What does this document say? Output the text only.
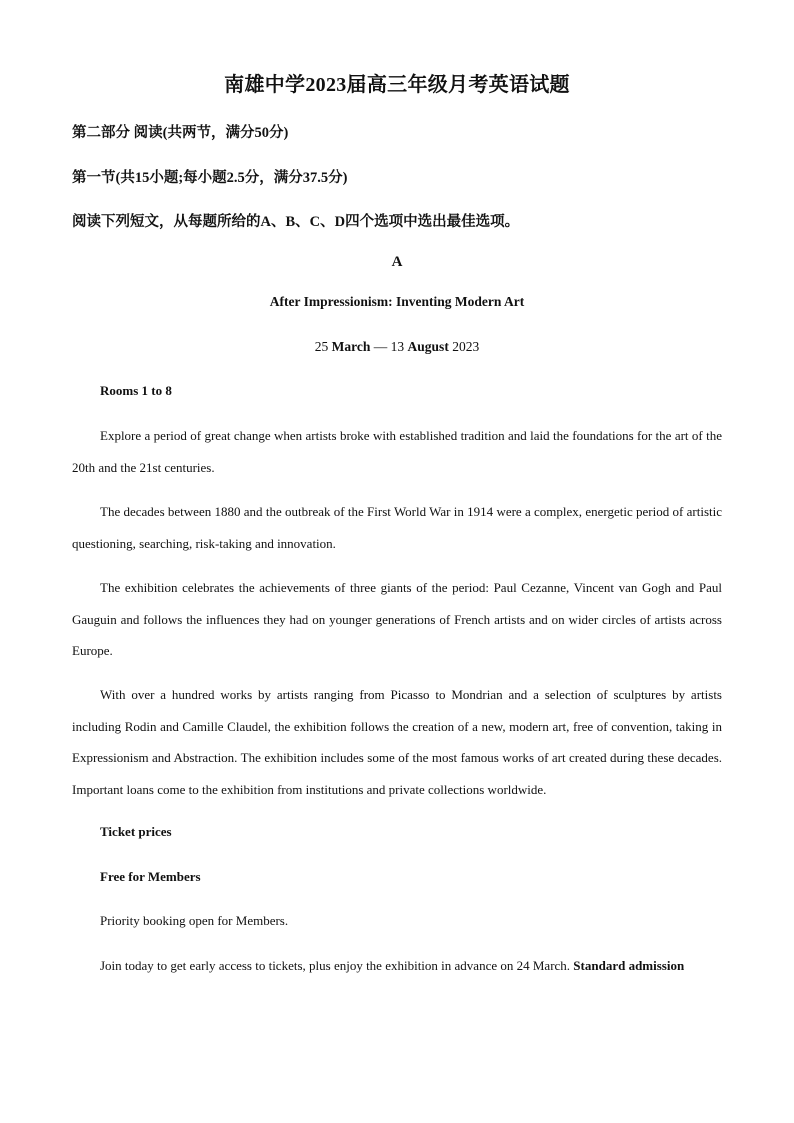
南雄中学2023届高三年级月考英语试题
第二部分 阅读(共两节，满分50分)
第一节(共15小题;每小题2.5分，满分37.5分)
阅读下列短文，从每题所给的A、B、C、D四个选项中选出最佳选项。
A
After Impressionism: Inventing Modern Art
25 March — 13 August 2023
Rooms 1 to 8
Explore a period of great change when artists broke with established tradition and laid the foundations for the art of the 20th and the 21st centuries.
The decades between 1880 and the outbreak of the First World War in 1914 were a complex, energetic period of artistic questioning, searching, risk-taking and innovation.
The exhibition celebrates the achievements of three giants of the period: Paul Cezanne, Vincent van Gogh and Paul Gauguin and follows the influences they had on younger generations of French artists and on wider circles of artists across Europe.
With over a hundred works by artists ranging from Picasso to Mondrian and a selection of sculptures by artists including Rodin and Camille Claudel, the exhibition follows the creation of a new, modern art, free of convention, taking in Expressionism and Abstraction. The exhibition includes some of the most famous works of art created during these decades. Important loans come to the exhibition from institutions and private collections worldwide.
Ticket prices
Free for Members
Priority booking open for Members.
Join today to get early access to tickets, plus enjoy the exhibition in advance on 24 March. Standard admission
